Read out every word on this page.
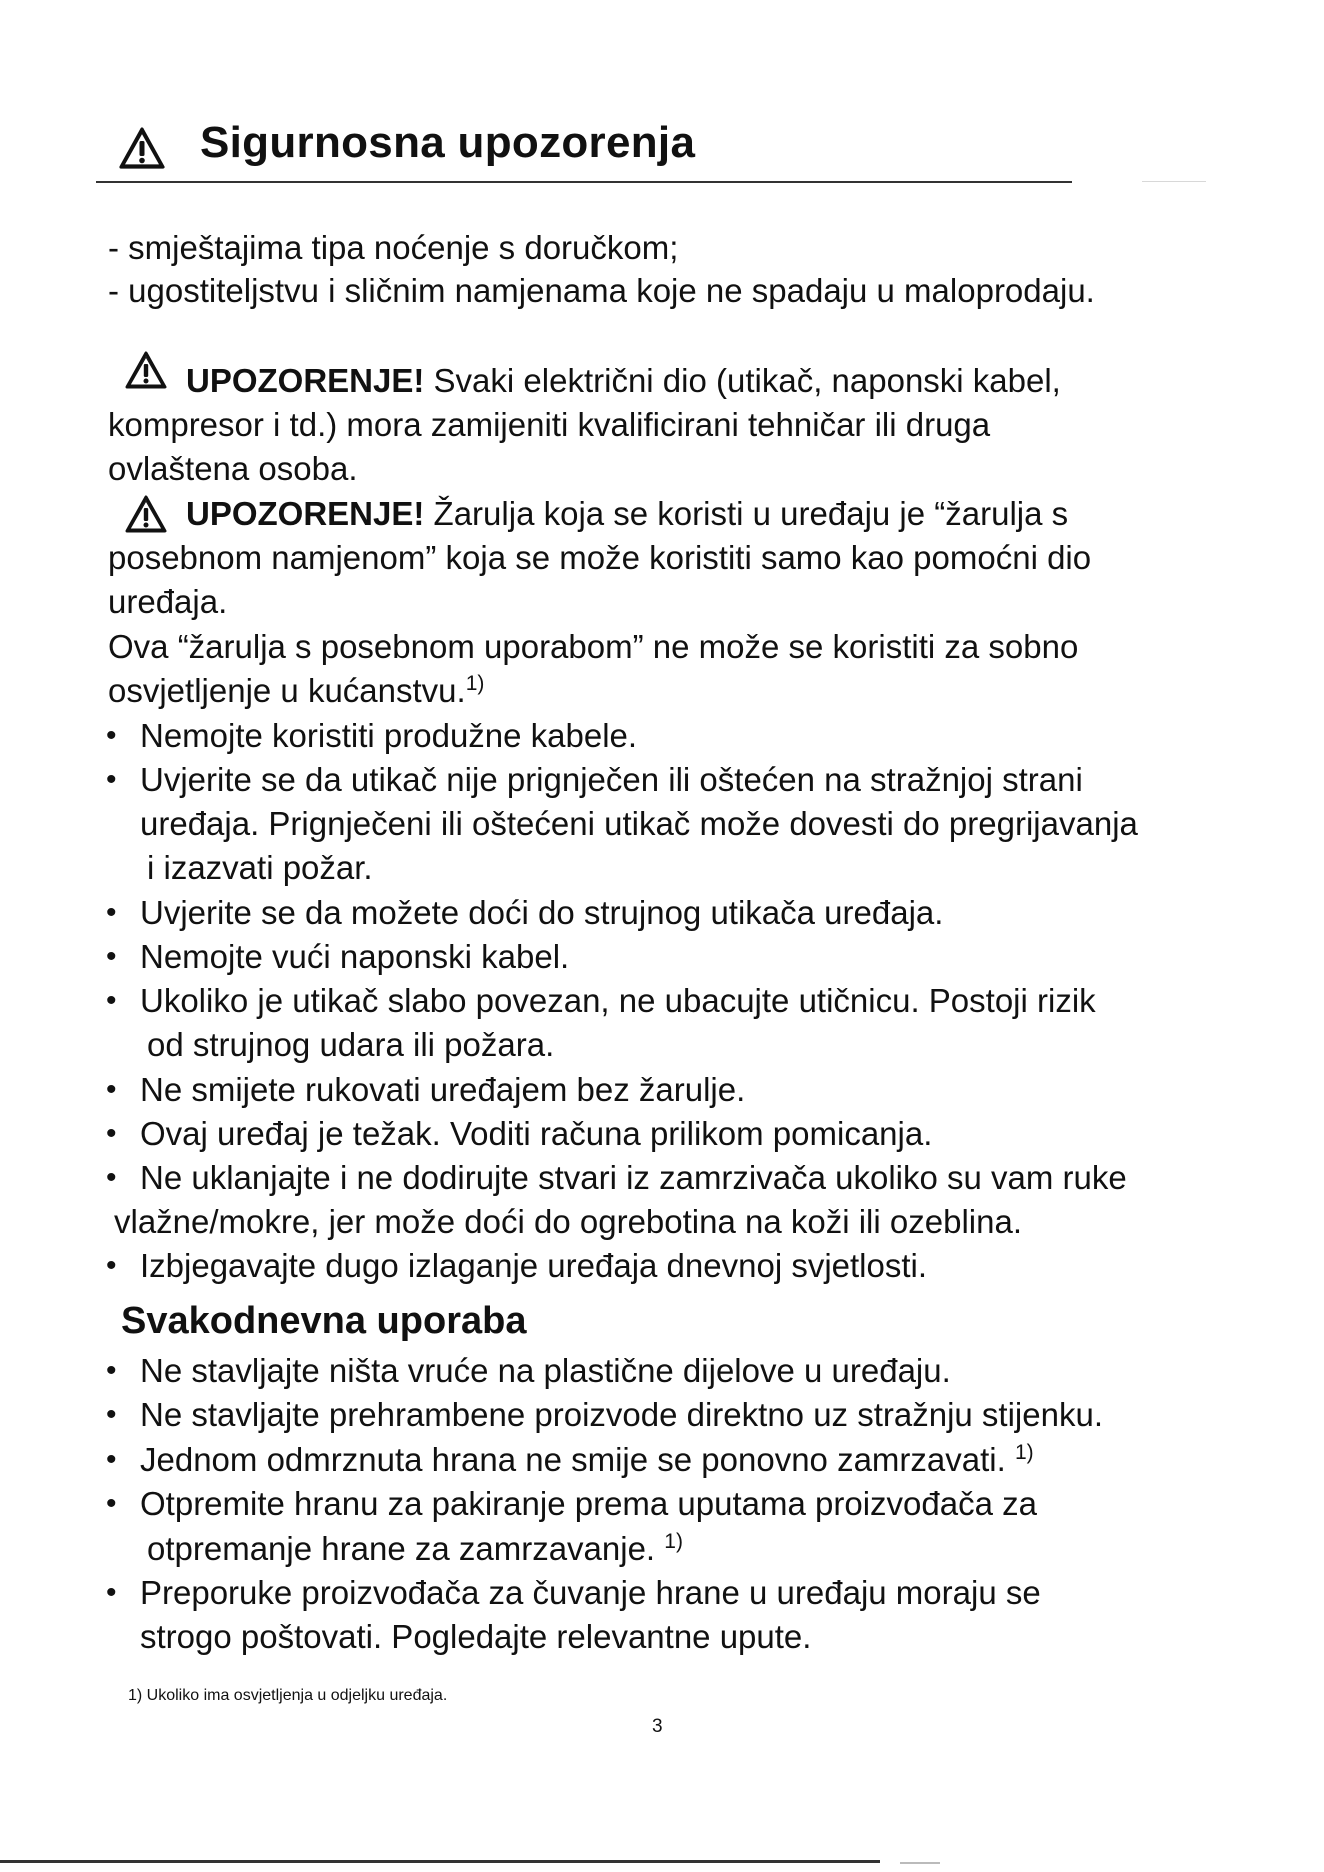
Sigurnosna upozorenja
- smještajima tipa noćenje s doručkom;
- ugostiteljstvu i sličnim namjenama koje ne spadaju u maloprodaju.
UPOZORENJE! Svaki električni dio (utikač, naponski kabel,
kompresor i td.) mora zamijeniti kvalificirani tehničar ili druga
ovlaštena osoba.
UPOZORENJE! Žarulja koja se koristi u uređaju je “žarulja s
posebnom namjenom” koja se može koristiti samo kao pomoćni dio
uređaja.
Ova “žarulja s posebnom uporabom” ne može se koristiti za sobno
osvjetljenje u kućanstvu.$^{1)}$
• Nemojte koristiti produžne kabele.
• Uvjerite se da utikač nije prignječen ili oštećen na stražnjoj strani
uređaja. Prignječeni ili oštećeni utikač može dovesti do pregrijavanja
i izazvati požar.
• Uvjerite se da možete doći do strujnog utikača uređaja.
• Nemojte vući naponski kabel.
• Ukoliko je utikač slabo povezan, ne ubacujte utičnicu. Postoji rizik
od strujnog udara ili požara.
• Ne smijete rukovati uređajem bez žarulje.
• Ovaj uređaj je težak. Voditi računa prilikom pomicanja.
• Ne uklanjajte i ne dodirujte stvari iz zamrzivača ukoliko su vam ruke
vlažne/mokre, jer može doći do ogrebotina na koži ili ozeblina.
• Izbjegavajte dugo izlaganje uređaja dnevnoj svjetlosti.
Svakodnevna uporaba
• Ne stavljajte ništa vruće na plastične dijelove u uređaju.
• Ne stavljajte prehrambene proizvode direktno uz stražnju stijenku.
• Jednom odmrznuta hrana ne smije se ponovno zamrzavati. $^{1)}$
• Otpremite hranu za pakiranje prema uputama proizvođača za
otpremanje hrane za zamrzavanje. $^{1)}$
• Preporuke proizvođača za čuvanje hrane u uređaju moraju se
strogo poštovati. Pogledajte relevantne upute.
1) Ukoliko ima osvjetljenja u odjeljku uređaja.
3
